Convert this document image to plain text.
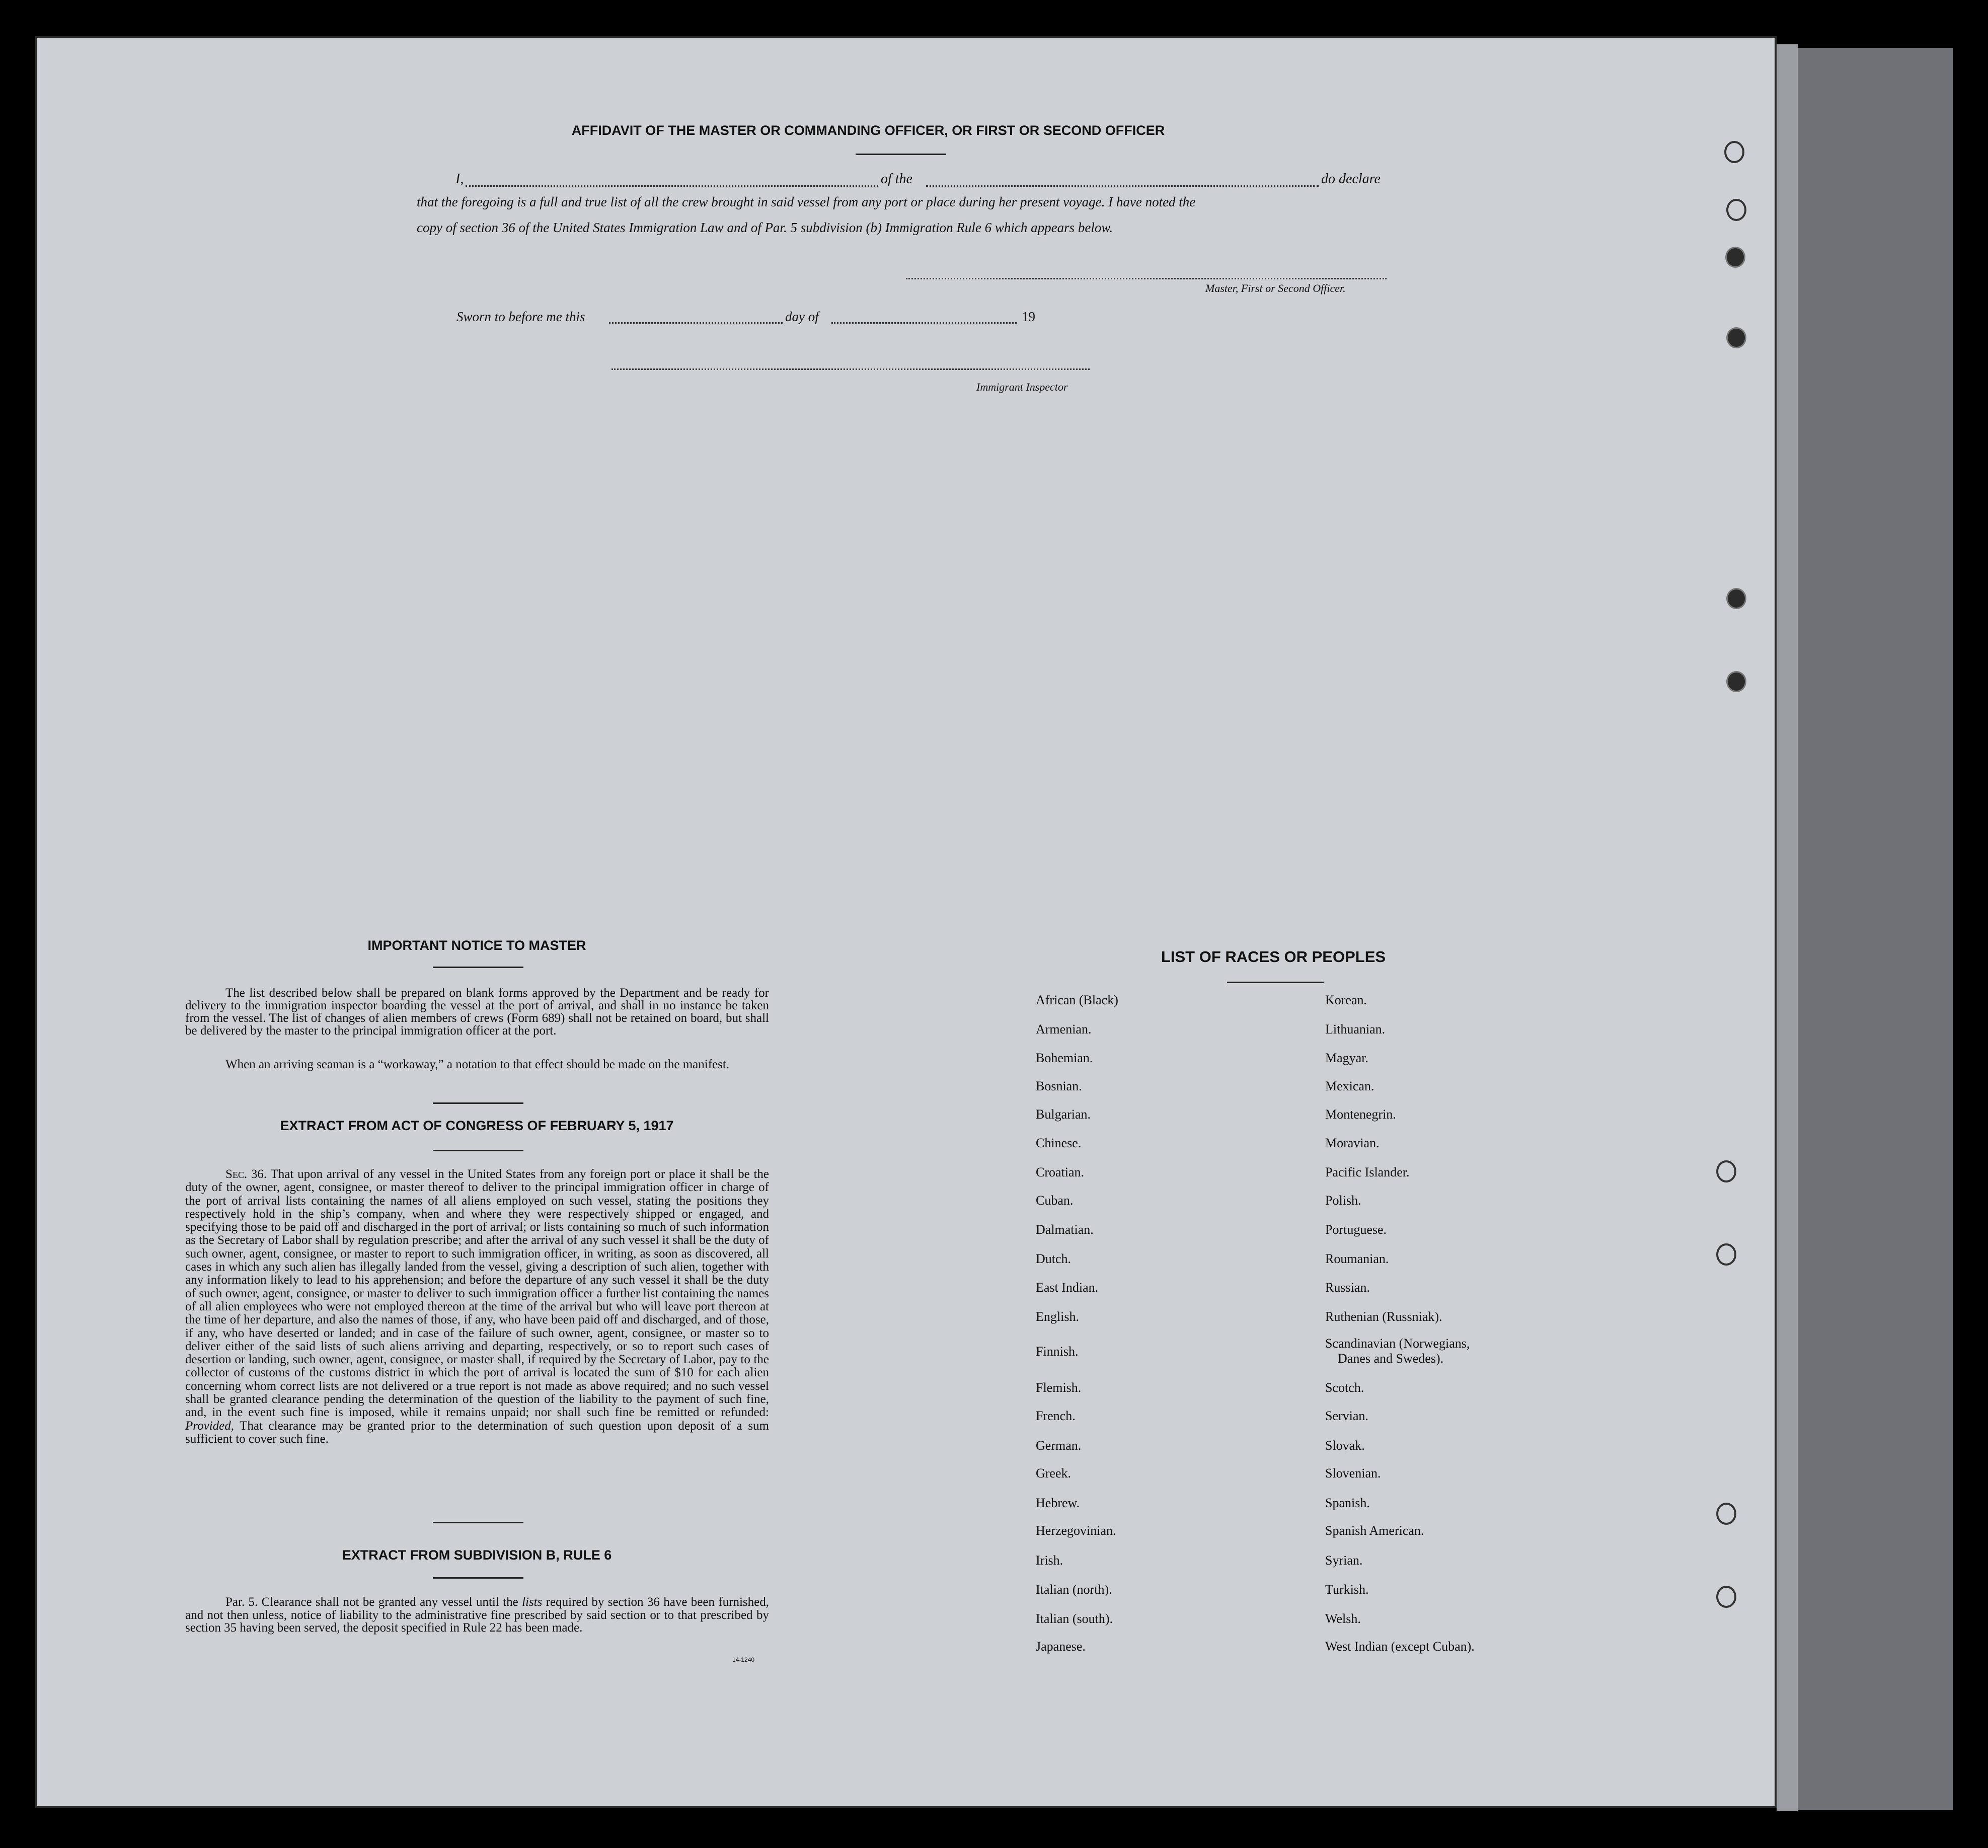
AFFIDAVIT OF THE MASTER OR COMMANDING OFFICER, OR FIRST OR SECOND OFFICER
I,	of the	do declare
that the foregoing is a full and true list of all the crew brought in said vessel from any port or place during her present voyage. I have noted the
copy of section 36 of the United States Immigration Law and of Par. 5 subdivision (b) Immigration Rule 6 which appears below.
Master, First or Second Officer.
Sworn to before me this	day of	19
Immigrant Inspector
IMPORTANT NOTICE TO MASTER
The list described below shall be prepared on blank forms approved by the Department and be ready for delivery to the immigration inspector boarding the vessel at the port of arrival, and shall in no instance be taken from the vessel. The list of changes of alien members of crews (Form 689) shall not be retained on board, but shall be delivered by the master to the principal immigration officer at the port.
When an arriving seaman is a “workaway,” a notation to that effect should be made on the manifest.
EXTRACT FROM ACT OF CONGRESS OF FEBRUARY 5, 1917
Sec. 36. That upon arrival of any vessel in the United States from any foreign port or place it shall be the duty of the owner, agent, consignee, or master thereof to deliver to the principal immigration officer in charge of the port of arrival lists containing the names of all aliens employed on such vessel, stating the positions they respectively hold in the ship’s company, when and where they were respectively shipped or engaged, and specifying those to be paid off and discharged in the port of arrival; or lists containing so much of such information as the Secretary of Labor shall by regulation prescribe; and after the arrival of any such vessel it shall be the duty of such owner, agent, consignee, or master to report to such immigration officer, in writing, as soon as discovered, all cases in which any such alien has illegally landed from the vessel, giving a description of such alien, together with any information likely to lead to his apprehension; and before the departure of any such vessel it shall be the duty of such owner, agent, consignee, or master to deliver to such immigration officer a further list containing the names of all alien employees who were not employed thereon at the time of the arrival but who will leave port thereon at the time of her departure, and also the names of those, if any, who have been paid off and discharged, and of those, if any, who have deserted or landed; and in case of the failure of such owner, agent, consignee, or master so to deliver either of the said lists of such aliens arriving and departing, respectively, or so to report such cases of desertion or landing, such owner, agent, consignee, or master shall, if required by the Secretary of Labor, pay to the collector of customs of the customs district in which the port of arrival is located the sum of $10 for each alien concerning whom correct lists are not delivered or a true report is not made as above required; and no such vessel shall be granted clearance pending the determination of the question of the liability to the payment of such fine, and, in the event such fine is imposed, while it remains unpaid; nor shall such fine be remitted or refunded: Provided, That clearance may be granted prior to the determination of such question upon deposit of a sum sufficient to cover such fine.
EXTRACT FROM SUBDIVISION B, RULE 6
Par. 5. Clearance shall not be granted any vessel until the lists required by section 36 have been furnished, and not then unless, notice of liability to the administrative fine prescribed by said section or to that prescribed by section 35 having been served, the deposit specified in Rule 22 has been made.
14-1240
LIST OF RACES OR PEOPLES
African (Black)
Armenian.
Bohemian.
Bosnian.
Bulgarian.
Chinese.
Croatian.
Cuban.
Dalmatian.
Dutch.
East Indian.
English.
Finnish.
Flemish.
French.
German.
Greek.
Hebrew.
Herzegovinian.
Irish.
Italian (north).
Italian (south).
Japanese.
Korean.
Lithuanian.
Magyar.
Mexican.
Montenegrin.
Moravian.
Pacific Islander.
Polish.
Portuguese.
Roumanian.
Russian.
Ruthenian (Russniak).
Scandinavian (Norwegians,
Danes and Swedes).
Scotch.
Servian.
Slovak.
Slovenian.
Spanish.
Spanish American.
Syrian.
Turkish.
Welsh.
West Indian (except Cuban).
